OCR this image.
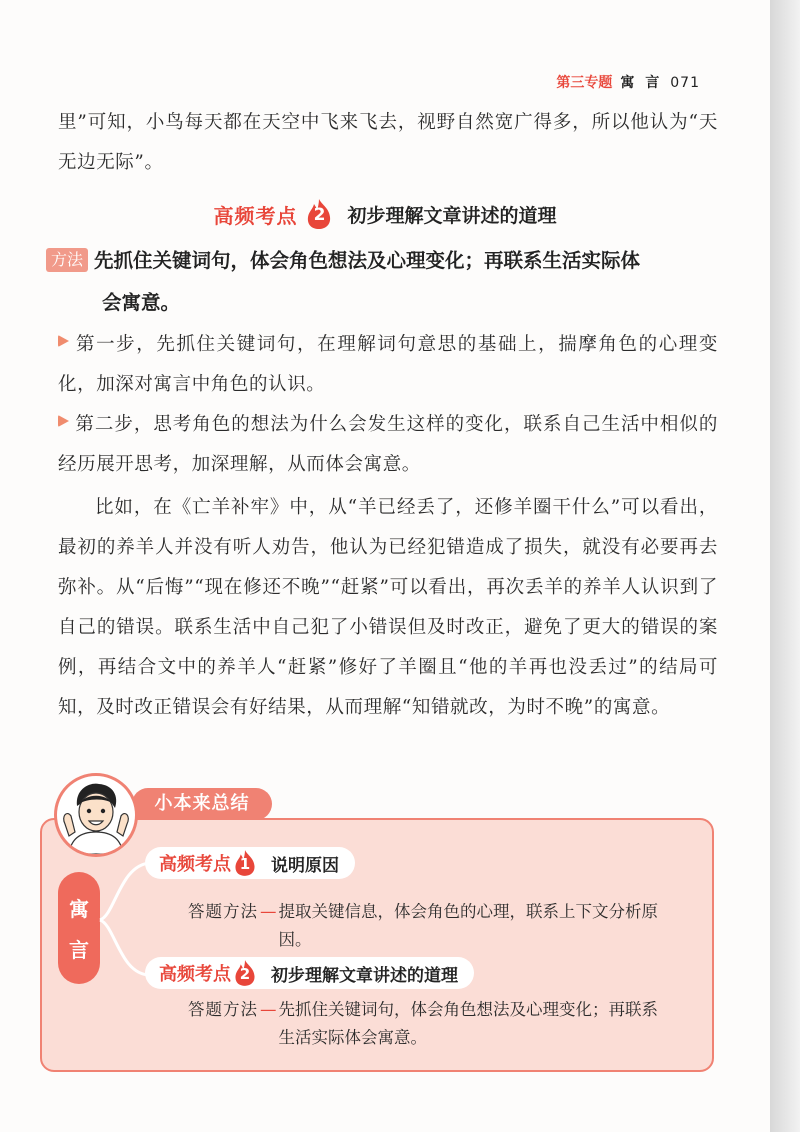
第三专题 寓 言 071
里”可知，小鸟每天都在天空中飞来飞去，视野自然宽广得多，所以他认为“天无边无际”。
高频考点 2	初步理解文章讲述的道理
方法 先抓住关键词句，体会角色想法及心理变化；再联系生活实际体
会寓意。
第一步，先抓住关键词句，在理解词句意思的基础上，揣摩角色的心理变化，加深对寓言中角色的认识。
第二步，思考角色的想法为什么会发生这样的变化，联系自己生活中相似的经历展开思考，加深理解，从而体会寓意。
比如，在《亡羊补牢》中，从“羊已经丢了，还修羊圈干什么”可以看出，最初的养羊人并没有听人劝告，他认为已经犯错造成了损失，就没有必要再去弥补。从“后悔”“现在修还不晚”“赶紧”可以看出，再次丢羊的养羊人认识到了自己的错误。联系生活中自己犯了小错误但及时改正，避免了更大的错误的案例，再结合文中的养羊人“赶紧”修好了羊圈且“他的羊再也没丢过”的结局可知，及时改正错误会有好结果，从而理解“知错就改，为时不晚”的寓意。
小本来总结
寓
言
高频考点 1	说明原因
答题方法 — 提取关键信息，体会角色的心理，联系上下文分析原因。
高频考点 2	初步理解文章讲述的道理
答题方法 — 先抓住关键词句，体会角色想法及心理变化；再联系生活实际体会寓意。
